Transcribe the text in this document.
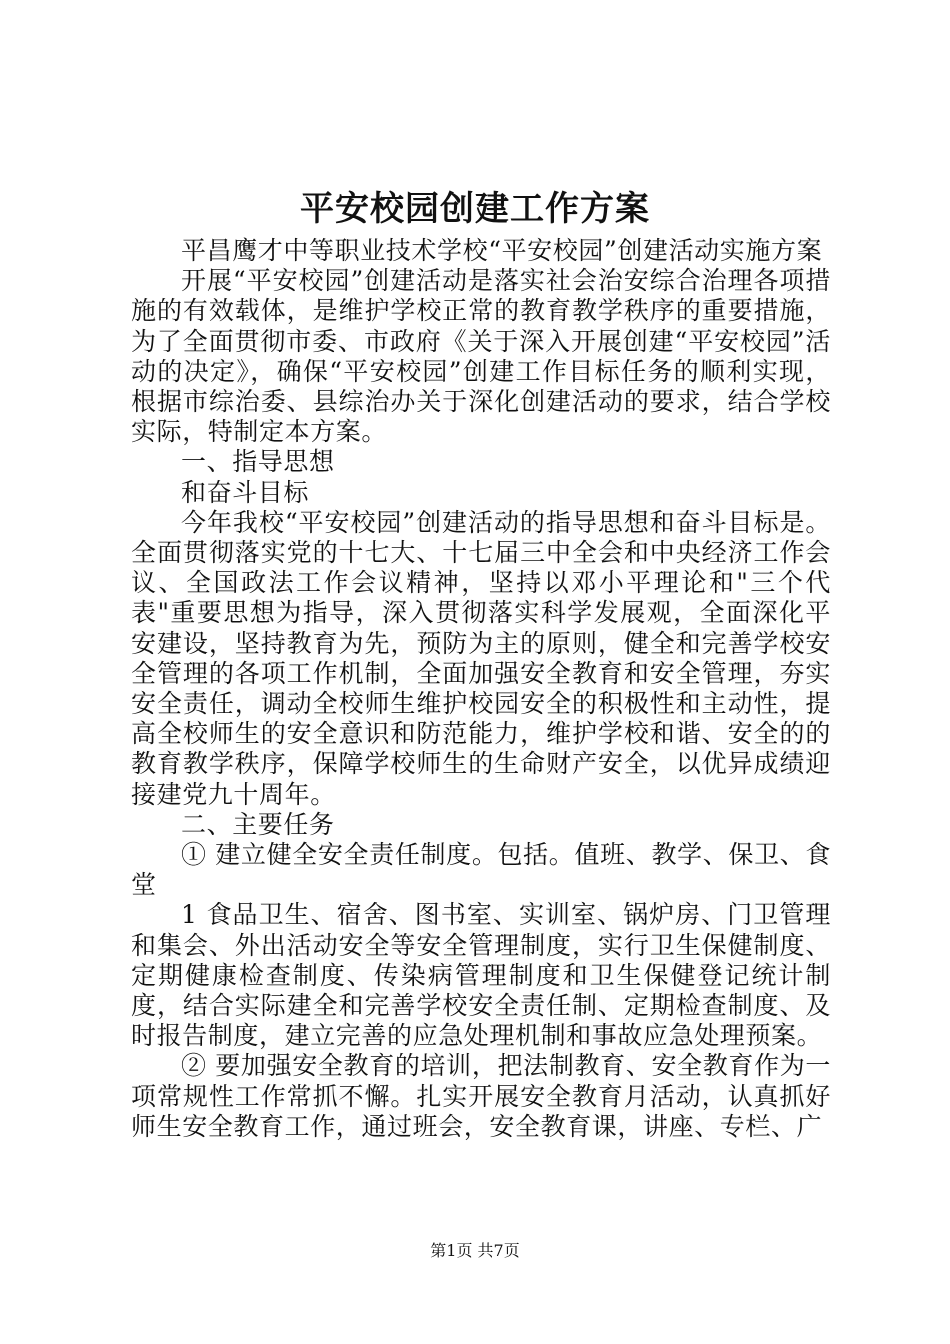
平安校园创建工作方案

平昌鹰才中等职业技术学校“平安校园”创建活动实施方案

开展“平安校园”创建活动是落实社会治安综合治理各项措施的有效载体，是维护学校正常的教育教学秩序的重要措施，为了全面贯彻市委、市政府《关于深入开展创建“平安校园”活动的决定》，确保“平安校园”创建工作目标任务的顺利实现，根据市综治委、县综治办关于深化创建活动的要求，结合学校实际，特制定本方案。

一、指导思想

和奋斗目标

今年我校“平安校园”创建活动的指导思想和奋斗目标是。全面贯彻落实党的十七大、十七届三中全会和中央经济工作会议、全国政法工作会议精神，坚持以邓小平理论和"三个代表"重要思想为指导，深入贯彻落实科学发展观，全面深化平安建设，坚持教育为先，预防为主的原则，健全和完善学校安全管理的各项工作机制，全面加强安全教育和安全管理，夯实安全责任，调动全校师生维护校园安全的积极性和主动性，提高全校师生的安全意识和防范能力，维护学校和谐、安全的的教育教学秩序，保障学校师生的生命财产安全，以优异成绩迎接建党九十周年。

二、主要任务

① 建立健全安全责任制度。包括。值班、教学、保卫、食堂

1 食品卫生、宿舍、图书室、实训室、锅炉房、门卫管理和集会、外出活动安全等安全管理制度，实行卫生保健制度、定期健康检查制度、传染病管理制度和卫生保健登记统计制度，结合实际建全和完善学校安全责任制、定期检查制度、及时报告制度，建立完善的应急处理机制和事故应急处理预案。

② 要加强安全教育的培训，把法制教育、安全教育作为一项常规性工作常抓不懈。扎实开展安全教育月活动，认真抓好师生安全教育工作，通过班会，安全教育课，讲座、专栏、广

第1页 共7页
